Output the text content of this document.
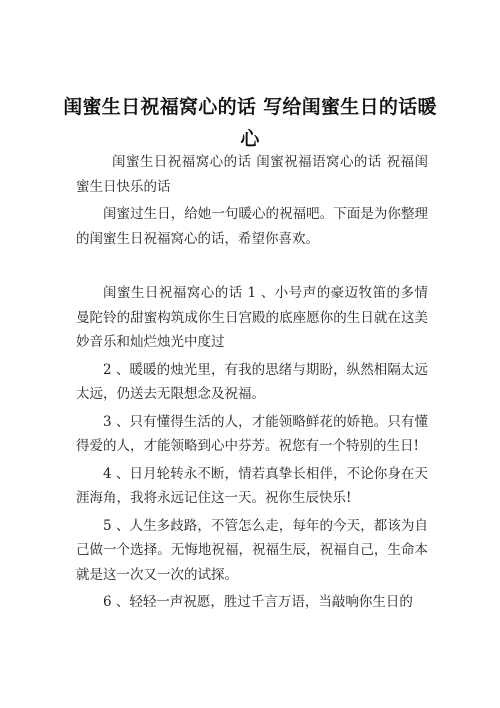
闺蜜生日祝福窝心的话 写给闺蜜生日的话暖心

闺蜜生日祝福窝心的话 闺蜜祝福语窝心的话 祝福闺蜜生日快乐的话

闺蜜过生日，给她一句暖心的祝福吧。下面是为你整理的闺蜜生日祝福窝心的话，希望你喜欢。

闺蜜生日祝福窝心的话 1 、小号声的豪迈牧笛的多情曼陀铃的甜蜜构筑成你生日宫殿的底座愿你的生日就在这美妙音乐和灿烂烛光中度过

2 、暖暖的烛光里，有我的思绪与期盼，纵然相隔太远太远，仍送去无限想念及祝福。

3 、只有懂得生活的人，才能领略鲜花的娇艳。只有懂得爱的人，才能领略到心中芬芳。祝您有一个特别的生日!

4 、日月轮转永不断，情若真挚长相伴，不论你身在天涯海角，我将永远记住这一天。祝你生辰快乐!

5 、人生多歧路，不管怎么走，每年的今天，都该为自己做一个选择。无悔地祝福，祝福生辰，祝福自己，生命本就是这一次又一次的试探。

6 、轻轻一声祝愿，胜过千言万语，当敲响你生日的
